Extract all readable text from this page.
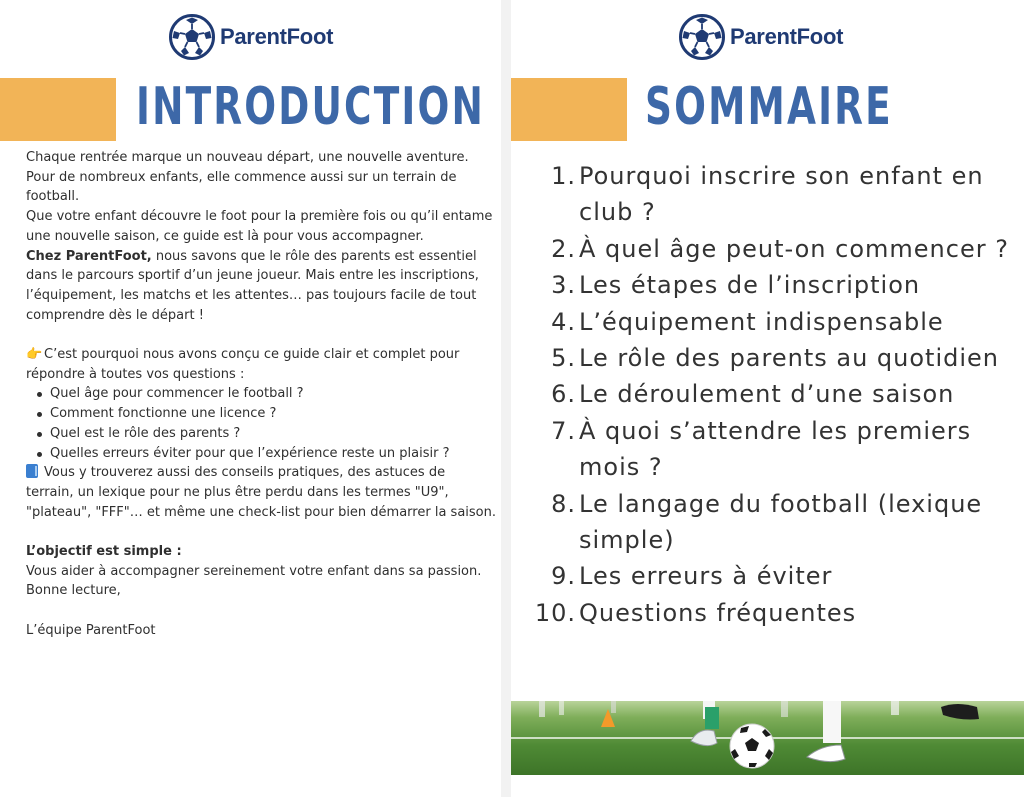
ParentFoot
INTRODUCTION

Chaque rentrée marque un nouveau départ, une nouvelle aventure.

Pour de nombreux enfants, elle commence aussi sur un terrain de football.

Que votre enfant découvre le foot pour la première fois ou qu’il entame une nouvelle saison, ce guide est là pour vous accompagner.

Chez ParentFoot, nous savons que le rôle des parents est essentiel dans le parcours sportif d’un jeune joueur. Mais entre les inscriptions, l’équipement, les matchs et les attentes… pas toujours facile de tout comprendre dès le départ !

👉 C’est pourquoi nous avons conçu ce guide clair et complet pour répondre à toutes vos questions :

Quel âge pour commencer le football ?
Comment fonctionne une licence ?
Quel est le rôle des parents ?
Quelles erreurs éviter pour que l’expérience reste un plaisir ?

Vous y trouverez aussi des conseils pratiques, des astuces de terrain, un lexique pour ne plus être perdu dans les termes "U9", "plateau", "FFF"… et même une check-list pour bien démarrer la saison.

L’objectif est simple :

Vous aider à accompagner sereinement votre enfant dans sa passion.

Bonne lecture,

L’équipe ParentFoot

ParentFoot
SOMMAIRE
1. Pourquoi inscrire son enfant en club ?
2. À quel âge peut-on commencer ?
3. Les étapes de l’inscription
4. L’équipement indispensable
5. Le rôle des parents au quotidien
6. Le déroulement d’une saison
7. À quoi s’attendre les premiers mois ?
8. Le langage du football (lexique simple)
9. Les erreurs à éviter
10. Questions fréquentes
